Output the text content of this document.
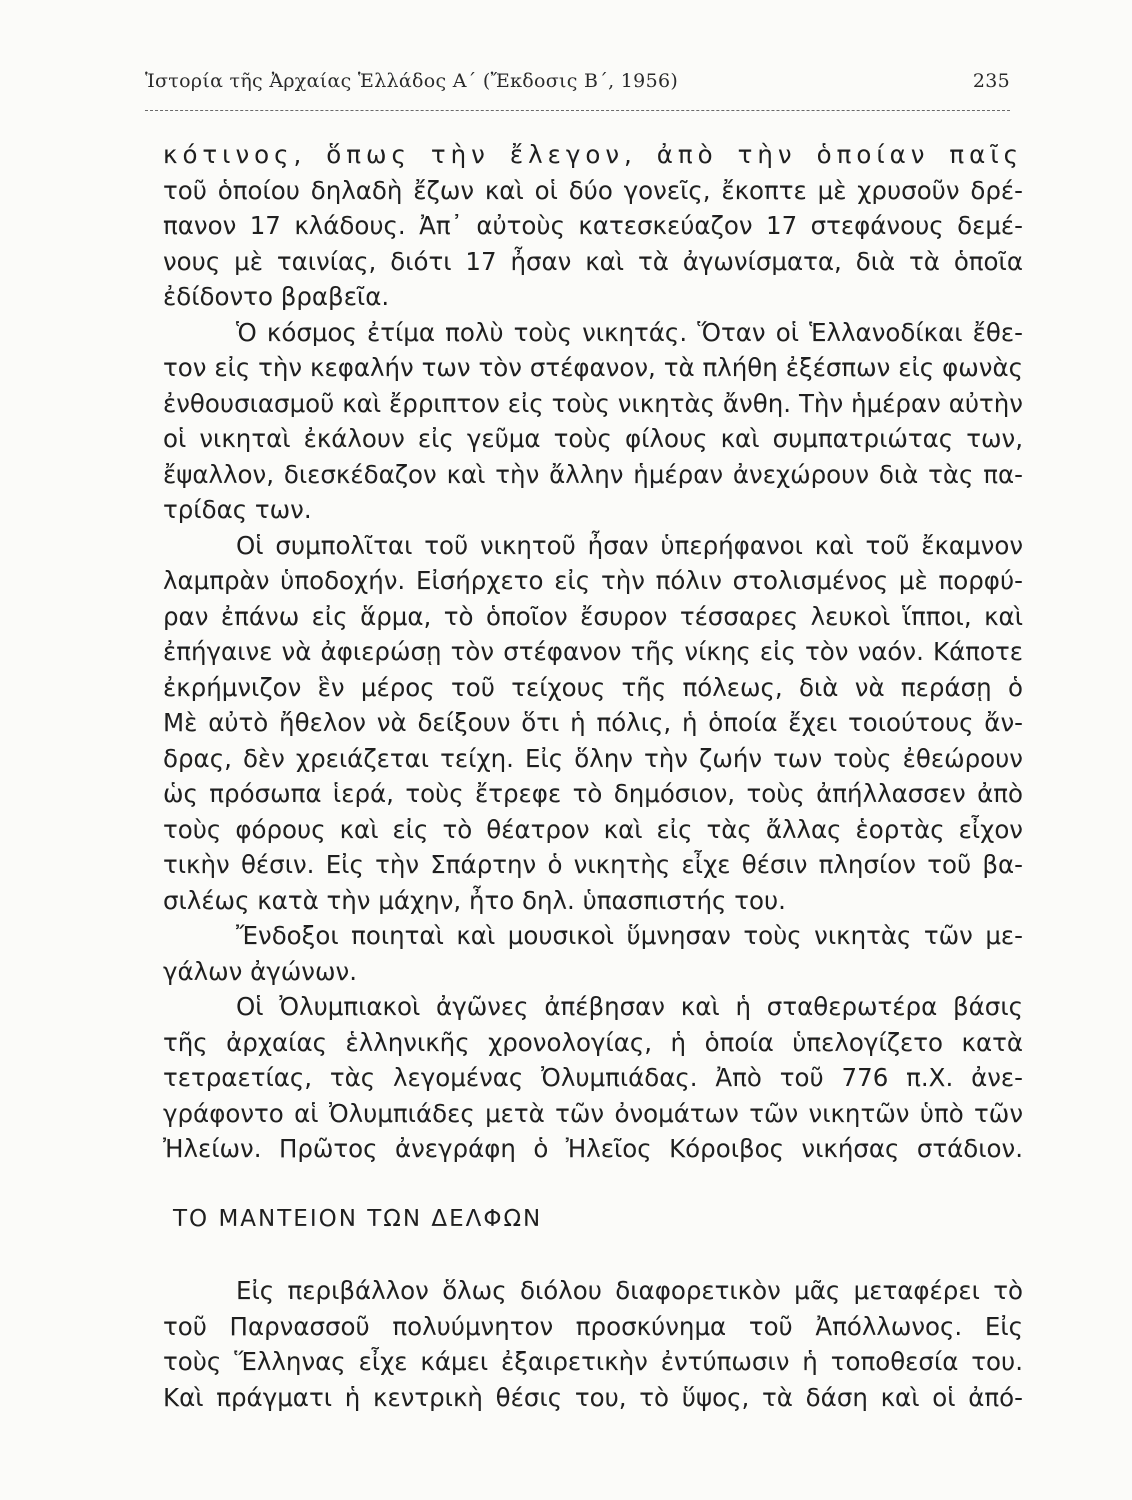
Ἱστορία τῆς Ἀρχαίας Ἑλλάδος Α΄ (Ἔκδοσις Β΄, 1956)	235
κότινος, ὅπως τὴν ἔλεγον, ἀπὸ τὴν ὁποίαν παῖς
τοῦ ὁποίου δηλαδὴ ἔζων καὶ οἱ δύο γονεῖς, ἔκοπτε μὲ χρυσοῦν δρέ-
πανον 17 κλάδους. Ἀπ᾿ αὐτοὺς κατεσκεύαζον 17 στεφάνους δεμέ-
νους μὲ ταινίας, διότι 17 ἦσαν καὶ τὰ ἀγωνίσματα, διὰ τὰ ὁποῖα
ἐδίδοντο βραβεῖα.
Ὁ κόσμος ἐτίμα πολὺ τοὺς νικητάς. Ὅταν οἱ Ἑλλανοδίκαι ἔθε-
τον εἰς τὴν κεφαλήν των τὸν στέφανον, τὰ πλήθη ἐξέσπων εἰς φωνὰς
ἐνθουσιασμοῦ καὶ ἔρριπτον εἰς τοὺς νικητὰς ἄνθη. Τὴν ἡμέραν αὐτὴν
οἱ νικηταὶ ἐκάλουν εἰς γεῦμα τοὺς φίλους καὶ συμπατριώτας των,
ἔψαλλον, διεσκέδαζον καὶ τὴν ἄλλην ἡμέραν ἀνεχώρουν διὰ τὰς πα-
τρίδας των.
Οἱ συμπολῖται τοῦ νικητοῦ ἦσαν ὑπερήφανοι καὶ τοῦ ἔκαμνον
λαμπρὰν ὑποδοχήν. Εἰσήρχετο εἰς τὴν πόλιν στολισμένος μὲ πορφύ-
ραν ἐπάνω εἰς ἅρμα, τὸ ὁποῖον ἔσυρον τέσσαρες λευκοὶ ἵπποι, καὶ
ἐπήγαινε νὰ ἀφιερώσῃ τὸν στέφανον τῆς νίκης εἰς τὸν ναόν. Κάποτε
ἐκρήμνιζον ἓν μέρος τοῦ τείχους τῆς πόλεως, διὰ νὰ περάσῃ ὁ
Μὲ αὐτὸ ἤθελον νὰ δείξουν ὅτι ἡ πόλις, ἡ ὁποία ἔχει τοιούτους ἄν-
δρας, δὲν χρειάζεται τείχη. Εἰς ὅλην τὴν ζωήν των τοὺς ἐθεώρουν
ὡς πρόσωπα ἱερά, τοὺς ἔτρεφε τὸ δημόσιον, τοὺς ἀπήλλασσεν ἀπὸ
τοὺς φόρους καὶ εἰς τὸ θέατρον καὶ εἰς τὰς ἄλλας ἑορτὰς εἶχον
τικὴν θέσιν. Εἰς τὴν Σπάρτην ὁ νικητὴς εἶχε θέσιν πλησίον τοῦ βα-
σιλέως κατὰ τὴν μάχην, ἦτο δηλ. ὑπασπιστής του.
Ἔνδοξοι ποιηταὶ καὶ μουσικοὶ ὕμνησαν τοὺς νικητὰς τῶν με-
γάλων ἀγώνων.
Οἱ Ὀλυμπιακοὶ ἀγῶνες ἀπέβησαν καὶ ἡ σταθερωτέρα βάσις
τῆς ἀρχαίας ἑλληνικῆς χρονολογίας, ἡ ὁποία ὑπελογίζετο κατὰ
τετραετίας, τὰς λεγομένας Ὀλυμπιάδας. Ἀπὸ τοῦ 776 π.Χ. ἀνε-
γράφοντο αἱ Ὀλυμπιάδες μετὰ τῶν ὀνομάτων τῶν νικητῶν ὑπὸ τῶν
Ἠλείων. Πρῶτος ἀνεγράφη ὁ Ἠλεῖος Κόροιβος νικήσας στάδιον.
ΤΟ ΜΑΝΤΕΙΟΝ ΤΩΝ ΔΕΛΦΩΝ
Εἰς περιβάλλον ὅλως διόλου διαφορετικὸν μᾶς μεταφέρει τὸ
τοῦ Παρνασσοῦ πολυύμνητον προσκύνημα τοῦ Ἀπόλλωνος. Εἰς
τοὺς Ἕλληνας εἶχε κάμει ἐξαιρετικὴν ἐντύπωσιν ἡ τοποθεσία του.
Καὶ πράγματι ἡ κεντρικὴ θέσις του, τὸ ὕψος, τὰ δάση καὶ οἱ ἀπό-
